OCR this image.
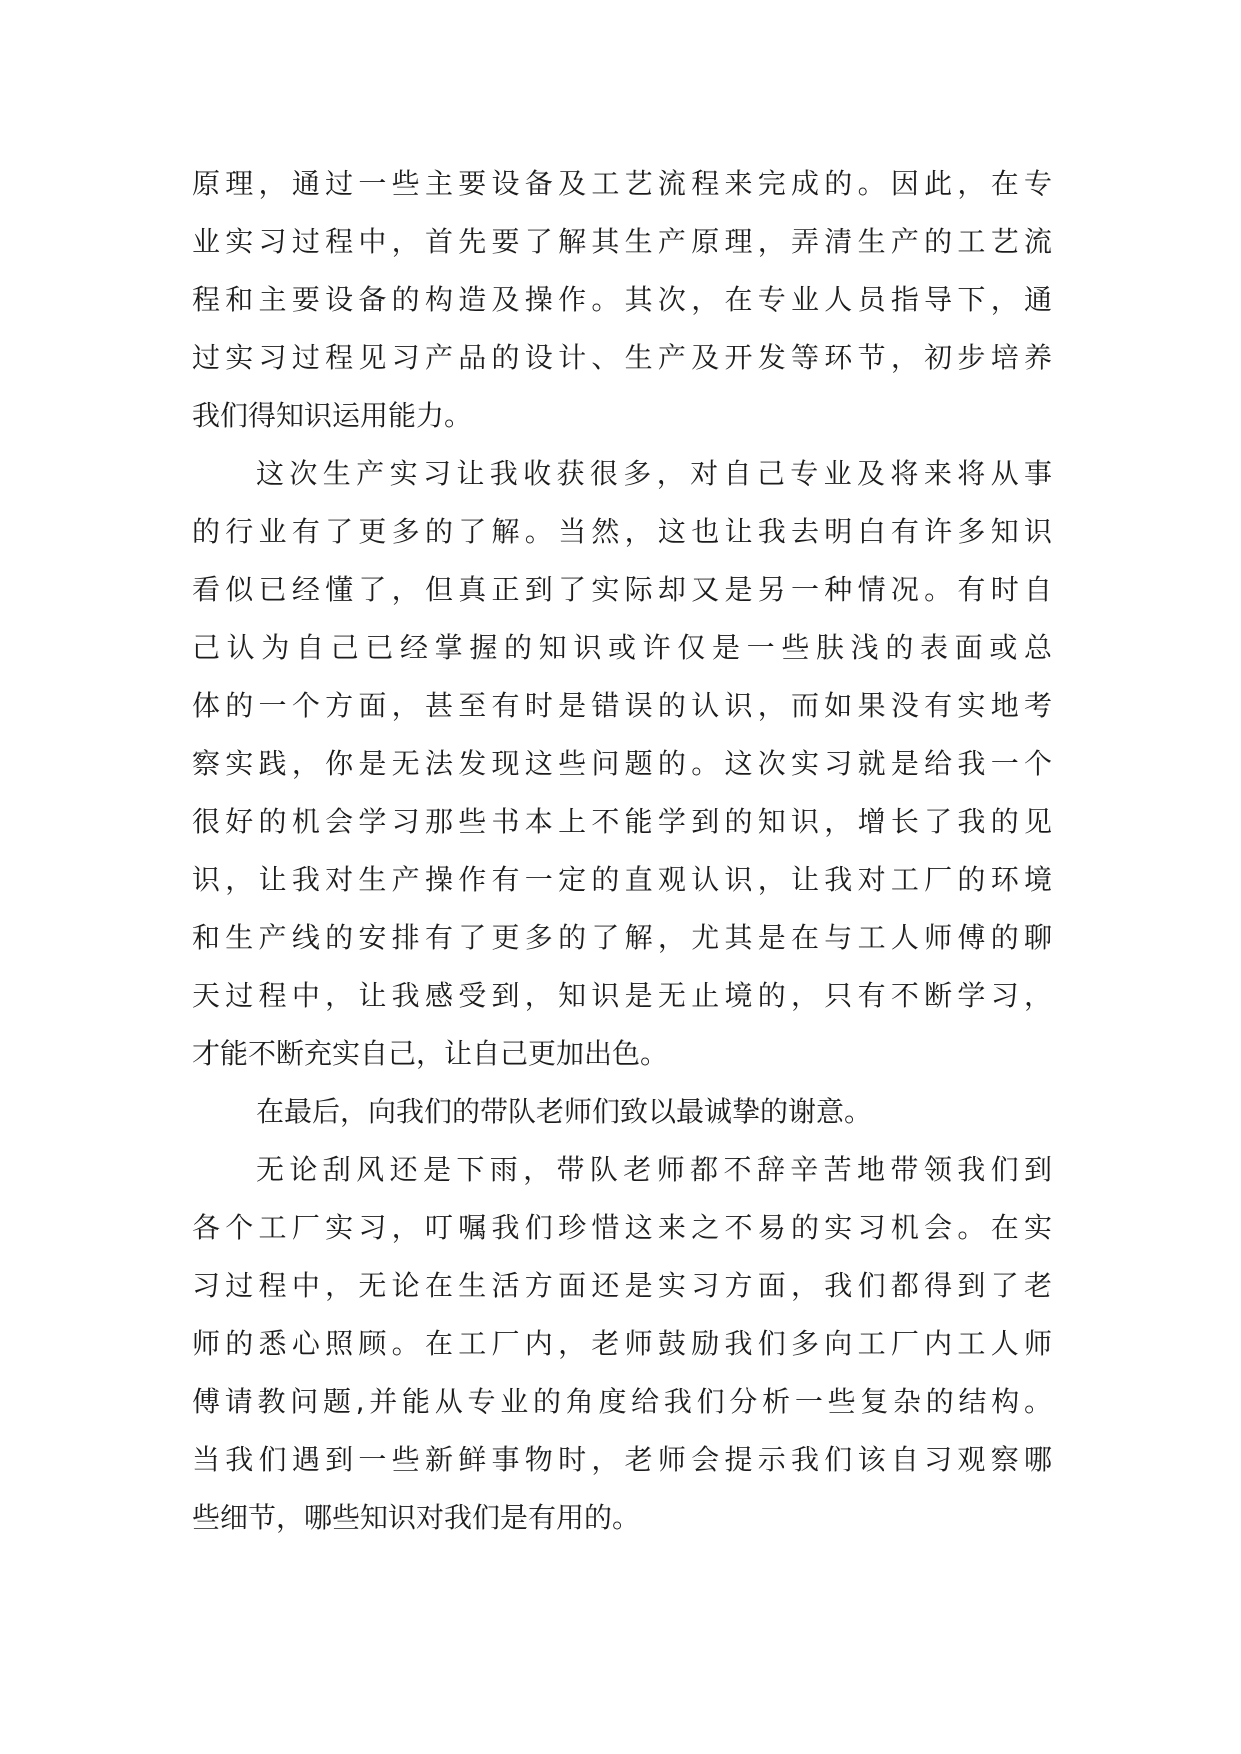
原理，通过一些主要设备及工艺流程来完成的。因此，在专
业实习过程中，首先要了解其生产原理，弄清生产的工艺流
程和主要设备的构造及操作。其次，在专业人员指导下，通
过实习过程见习产品的设计、生产及开发等环节，初步培养
我们得知识运用能力。
这次生产实习让我收获很多，对自己专业及将来将从事
的行业有了更多的了解。当然，这也让我去明白有许多知识
看似已经懂了，但真正到了实际却又是另一种情况。有时自
己认为自己已经掌握的知识或许仅是一些肤浅的表面或总
体的一个方面，甚至有时是错误的认识，而如果没有实地考
察实践，你是无法发现这些问题的。这次实习就是给我一个
很好的机会学习那些书本上不能学到的知识，增长了我的见
识，让我对生产操作有一定的直观认识，让我对工厂的环境
和生产线的安排有了更多的了解，尤其是在与工人师傅的聊
天过程中，让我感受到，知识是无止境的，只有不断学习，
才能不断充实自己，让自己更加出色。
在最后，向我们的带队老师们致以最诚挚的谢意。
无论刮风还是下雨，带队老师都不辞辛苦地带领我们到
各个工厂实习，叮嘱我们珍惜这来之不易的实习机会。在实
习过程中，无论在生活方面还是实习方面，我们都得到了老
师的悉心照顾。在工厂内，老师鼓励我们多向工厂内工人师
傅请教问题,并能从专业的角度给我们分析一些复杂的结构。
当我们遇到一些新鲜事物时，老师会提示我们该自习观察哪
些细节，哪些知识对我们是有用的。
